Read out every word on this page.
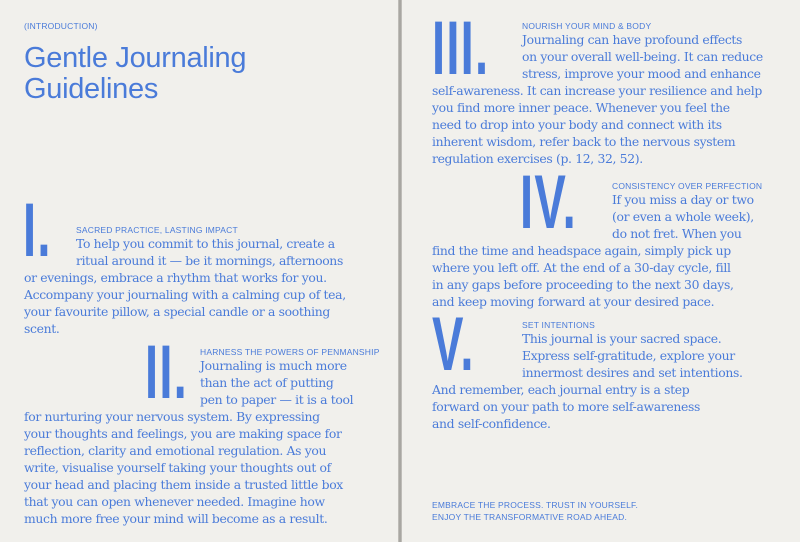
(INTRODUCTION)
Gentle Journaling
Guidelines
I.	SACRED PRACTICE, LASTING IMPACT
To help you commit to this journal, create a
ritual around it — be it mornings, afternoons
or evenings, embrace a rhythm that works for you.
Accompany your journaling with a calming cup of tea,
your favourite pillow, a special candle or a soothing
scent.
II. HARNESS THE POWERS OF PENMANSHIP
Journaling is much more
than the act of putting
pen to paper — it is a tool
for nurturing your nervous system. By expressing
your thoughts and feelings, you are making space for
reflection, clarity and emotional regulation. As you
write, visualise yourself taking your thoughts out of
your head and placing them inside a trusted little box
that you can open whenever needed. Imagine how
much more free your mind will become as a result.
III.	NOURISH YOUR MIND & BODY
Journaling can have profound effects
on your overall well-being. It can reduce
stress, improve your mood and enhance
self-awareness. It can increase your resilience and help
you find more inner peace. Whenever you feel the
need to drop into your body and connect with its
inherent wisdom, refer back to the nervous system
regulation exercises (p. 12, 32, 52).
IV.	CONSISTENCY OVER PERFECTION
If you miss a day or two
(or even a whole week),
do not fret. When you
find the time and headspace again, simply pick up
where you left off. At the end of a 30-day cycle, fill
in any gaps before proceeding to the next 30 days,
and keep moving forward at your desired pace.
V.	SET INTENTIONS
This journal is your sacred space.
Express self-gratitude, explore your
innermost desires and set intentions.
And remember, each journal entry is a step
forward on your path to more self-awareness
and self-confidence.
EMBRACE THE PROCESS. TRUST IN YOURSELF.
ENJOY THE TRANSFORMATIVE ROAD AHEAD.
